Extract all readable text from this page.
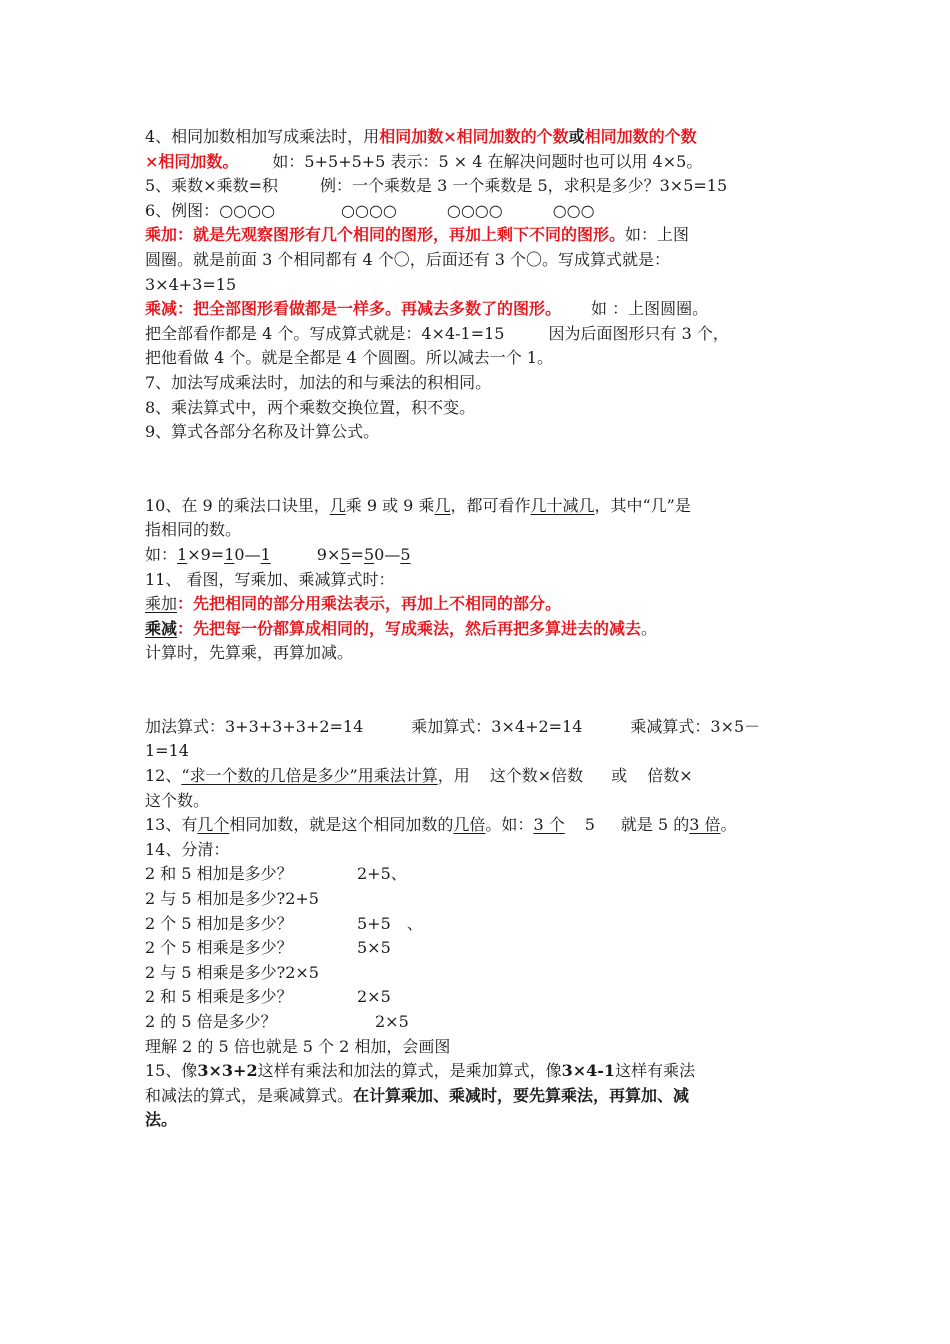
4、相同加数相加写成乘法时，用相同加数×相同加数的个数或相同加数的个数
×相同加数。 如：5+5+5+5 表示：5 × 4 在解决问题时也可以用 4×5。
5、乘数×乘数=积	例：一个乘数是 3 一个乘数是 5，求积是多少？3×5=15
6、例图：○○○○	○○○○	○○○○	○○○
乘加：就是先观察图形有几个相同的图形，再加上剩下不同的图形。如：上图
圆圈。就是前面 3 个相同都有 4 个〇，后面还有 3 个〇。写成算式就是：
3×4+3=15
乘减：把全部图形看做都是一样多。再减去多数了的图形。 如 ：上图圆圈。
把全部看作都是 4 个。写成算式就是：4×4-1=15	因为后面图形只有 3 个，
把他看做 4 个。就是全都是 4 个圆圈。所以减去一个 1。
7、加法写成乘法时，加法的和与乘法的积相同。
8、乘法算式中，两个乘数交换位置，积不变。
9、算式各部分名称及计算公式。
10、在 9 的乘法口诀里，几乘 9 或 9 乘几，都可看作几十减几，其中“几”是
指相同的数。
如：1×9=10—1	9×5=50—5
11、 看图，写乘加、乘减算式时：
乘加：先把相同的部分用乘法表示，再加上不相同的部分。
乘减：先把每一份都算成相同的，写成乘法，然后再把多算进去的减去。
计算时，先算乘，再算加减。
加法算式：3+3+3+3+2=14	乘加算式：3×4+2=14	乘减算式：3×5－
1=14
12、“求一个数的几倍是多少”用乘法计算，用 这个数×倍数 或 倍数×
这个数。
13、有几个相同加数，就是这个相同加数的几倍。如：3 个 5 就是 5 的3 倍。
14、分清：
2 和 5 相加是多少？	2+5、
2 与 5 相加是多少?2+5
2 个 5 相加是多少？	5+5　、
2 个 5 相乘是多少？	5×5
2 与 5 相乘是多少?2×5
2 和 5 相乘是多少？	2×5
2 的 5 倍是多少？	2×5
理解 2 的 5 倍也就是 5 个 2 相加，会画图
15、像3×3+2这样有乘法和加法的算式，是乘加算式，像3×4-1这样有乘法
和减法的算式，是乘减算式。在计算乘加、乘减时，要先算乘法，再算加、减
法。
